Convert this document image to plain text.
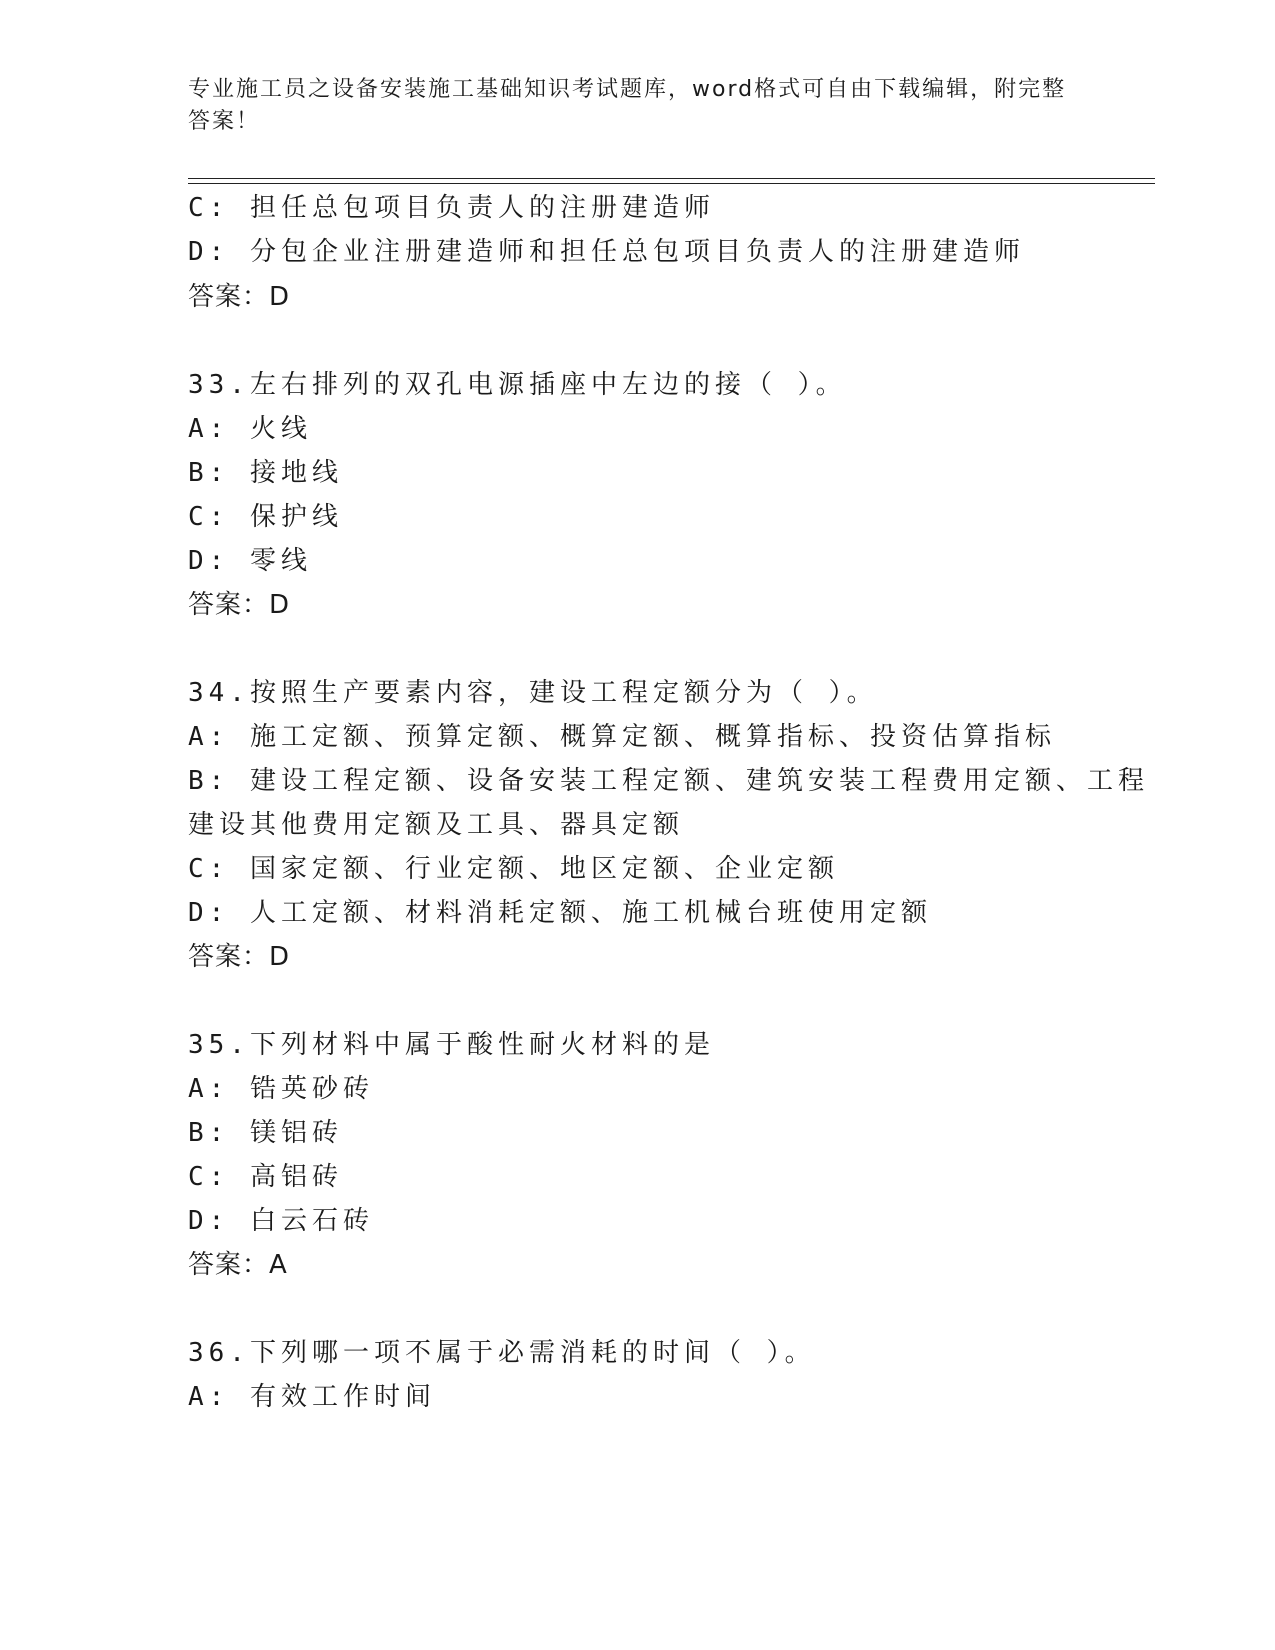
专业施工员之设备安装施工基础知识考试题库，word格式可自由下载编辑，附完整答案！
C: 担任总包项目负责人的注册建造师
D: 分包企业注册建造师和担任总包项目负责人的注册建造师
答案：D
33.左右排列的双孔电源插座中左边的接（ ）。
A: 火线
B: 接地线
C: 保护线
D: 零线
答案：D
34.按照生产要素内容，建设工程定额分为（ ）。
A: 施工定额、预算定额、概算定额、概算指标、投资估算指标
B: 建设工程定额、设备安装工程定额、建筑安装工程费用定额、工程
建设其他费用定额及工具、器具定额
C: 国家定额、行业定额、地区定额、企业定额
D: 人工定额、材料消耗定额、施工机械台班使用定额
答案：D
35.下列材料中属于酸性耐火材料的是
A: 锆英砂砖
B: 镁铝砖
C: 高铝砖
D: 白云石砖
答案：A
36.下列哪一项不属于必需消耗的时间（ ）。
A: 有效工作时间
